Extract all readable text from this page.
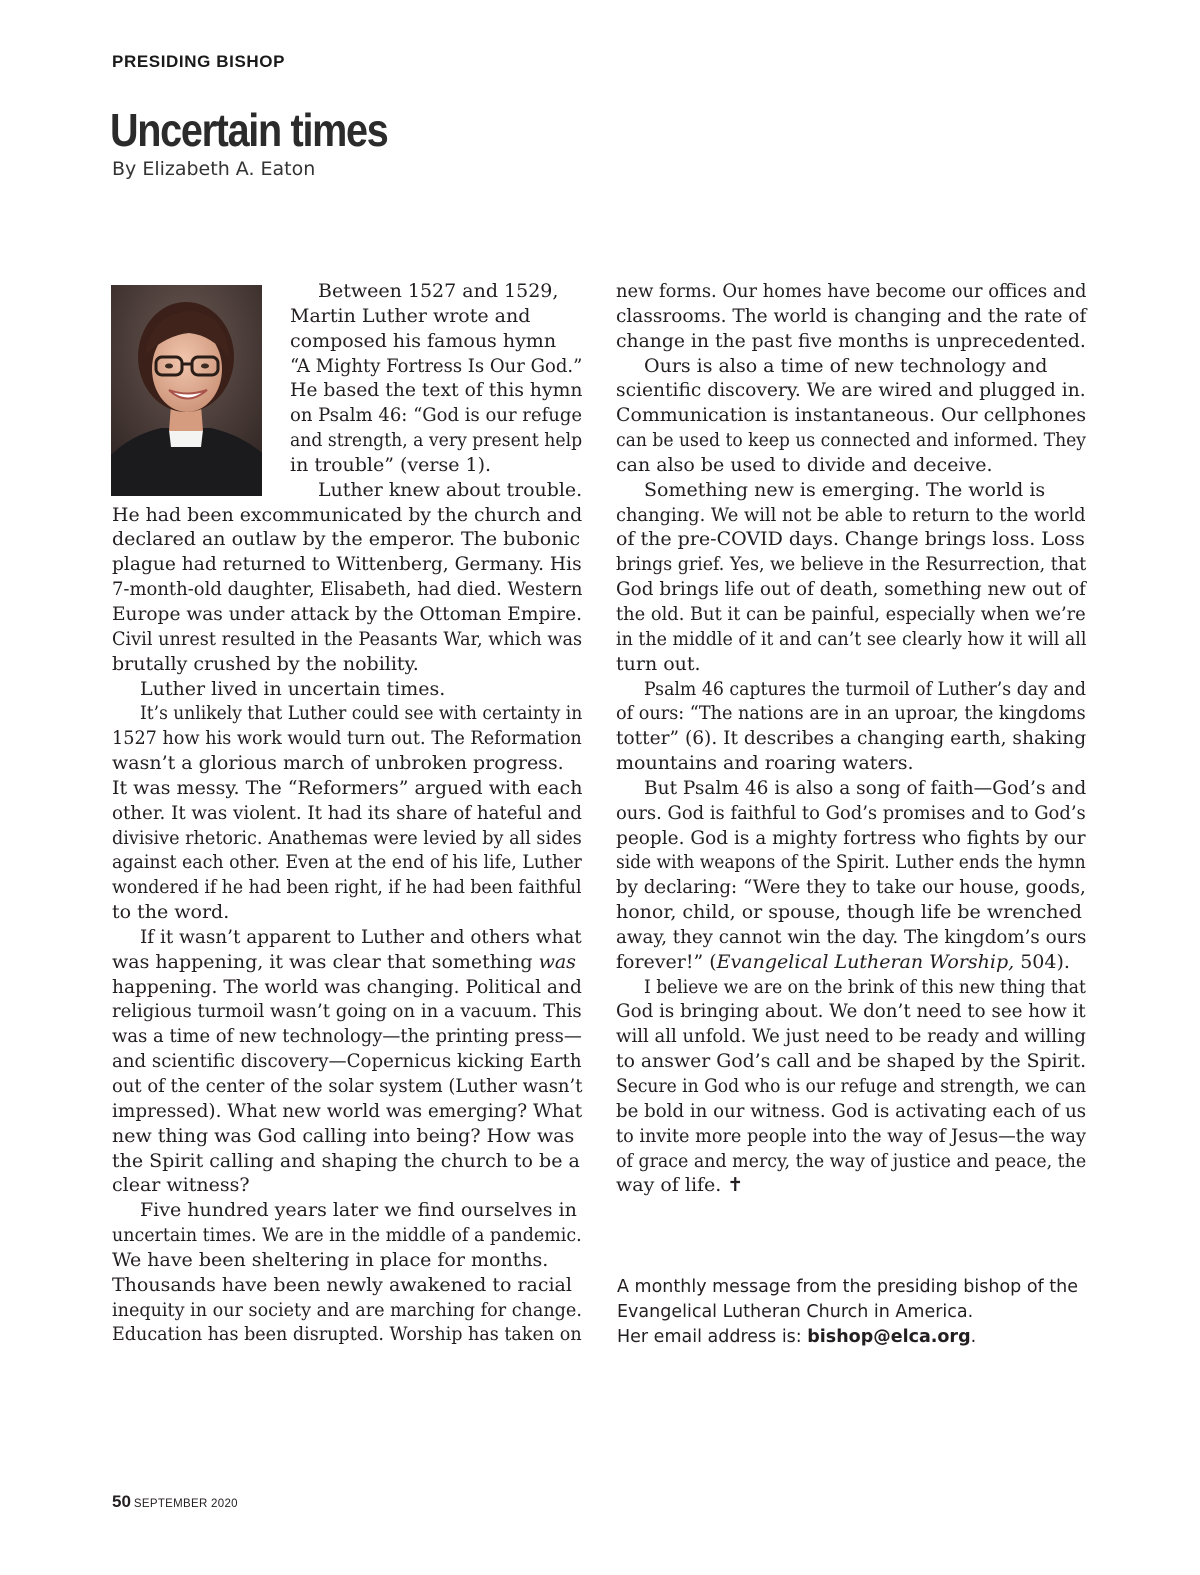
PRESIDING BISHOP
Uncertain times
By Elizabeth A. Eaton
Between 1527 and 1529,
Martin Luther wrote and
composed his famous hymn
“A Mighty Fortress Is Our God.”
He based the text of this hymn
on Psalm 46: “God is our refuge
and strength, a very present help
in trouble” (verse 1).
Luther knew about trouble.
He had been excommunicated by the church and
declared an outlaw by the emperor. The bubonic
plague had returned to Wittenberg, Germany. His
7-month-old daughter, Elisabeth, had died. Western
Europe was under attack by the Ottoman Empire.
Civil unrest resulted in the Peasants War, which was
brutally crushed by the nobility.
Luther lived in uncertain times.
It’s unlikely that Luther could see with certainty in
1527 how his work would turn out. The Reformation
wasn’t a glorious march of unbroken progress.
It was messy. The “Reformers” argued with each
other. It was violent. It had its share of hateful and
divisive rhetoric. Anathemas were levied by all sides
against each other. Even at the end of his life, Luther
wondered if he had been right, if he had been faithful
to the word.
If it wasn’t apparent to Luther and others what
was happening, it was clear that something was
happening. The world was changing. Political and
religious turmoil wasn’t going on in a vacuum. This
was a time of new technology—the printing press—
and scientific discovery—Copernicus kicking Earth
out of the center of the solar system (Luther wasn’t
impressed). What new world was emerging? What
new thing was God calling into being? How was
the Spirit calling and shaping the church to be a
clear witness?
Five hundred years later we find ourselves in
uncertain times. We are in the middle of a pandemic.
We have been sheltering in place for months.
Thousands have been newly awakened to racial
inequity in our society and are marching for change.
Education has been disrupted. Worship has taken on
new forms. Our homes have become our offices and
classrooms. The world is changing and the rate of
change in the past five months is unprecedented.
Ours is also a time of new technology and
scientific discovery. We are wired and plugged in.
Communication is instantaneous. Our cellphones
can be used to keep us connected and informed. They
can also be used to divide and deceive.
Something new is emerging. The world is
changing. We will not be able to return to the world
of the pre-COVID days. Change brings loss. Loss
brings grief. Yes, we believe in the Resurrection, that
God brings life out of death, something new out of
the old. But it can be painful, especially when we’re
in the middle of it and can’t see clearly how it will all
turn out.
Psalm 46 captures the turmoil of Luther’s day and
of ours: “The nations are in an uproar, the kingdoms
totter” (6). It describes a changing earth, shaking
mountains and roaring waters.
But Psalm 46 is also a song of faith—God’s and
ours. God is faithful to God’s promises and to God’s
people. God is a mighty fortress who fights by our
side with weapons of the Spirit. Luther ends the hymn
by declaring: “Were they to take our house, goods,
honor, child, or spouse, though life be wrenched
away, they cannot win the day. The kingdom’s ours
forever!” (Evangelical Lutheran Worship, 504).
I believe we are on the brink of this new thing that
God is bringing about. We don’t need to see how it
will all unfold. We just need to be ready and willing
to answer God’s call and be shaped by the Spirit.
Secure in God who is our refuge and strength, we can
be bold in our witness. God is activating each of us
to invite more people into the way of Jesus—the way
of grace and mercy, the way of justice and peace, the
way of life. ✝
A monthly message from the presiding bishop of the
Evangelical Lutheran Church in America.
Her email address is: bishop@elca.org.
50 SEPTEMBER 2020
